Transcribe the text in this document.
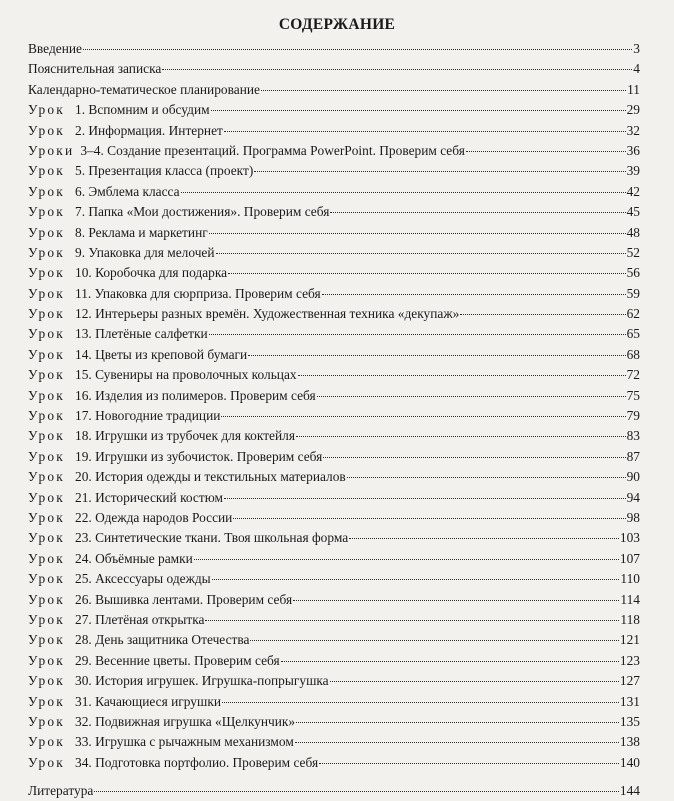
СОДЕРЖАНИЕ
Введение	3
Пояснительная записка	4
Календарно-тематическое планирование	11
Урок 1. Вспомним и обсудим	29
Урок 2. Информация. Интернет	32
Уроки 3–4. Создание презентаций. Программа PowerPoint. Проверим себя	36
Урок 5. Презентация класса (проект)	39
Урок 6. Эмблема класса	42
Урок 7. Папка «Мои достижения». Проверим себя	45
Урок 8. Реклама и маркетинг	48
Урок 9. Упаковка для мелочей	52
Урок 10. Коробочка для подарка	56
Урок 11. Упаковка для сюрприза. Проверим себя	59
Урок 12. Интерьеры разных времён. Художественная техника «декупаж»	62
Урок 13. Плетёные салфетки	65
Урок 14. Цветы из креповой бумаги	68
Урок 15. Сувениры на проволочных кольцах	72
Урок 16. Изделия из полимеров. Проверим себя	75
Урок 17. Новогодние традиции	79
Урок 18. Игрушки из трубочек для коктейля	83
Урок 19. Игрушки из зубочисток. Проверим себя	87
Урок 20. История одежды и текстильных материалов	90
Урок 21. Исторический костюм	94
Урок 22. Одежда народов России	98
Урок 23. Синтетические ткани. Твоя школьная форма	103
Урок 24. Объёмные рамки	107
Урок 25. Аксессуары одежды	110
Урок 26. Вышивка лентами. Проверим себя	114
Урок 27. Плетёная открытка	118
Урок 28. День защитника Отечества	121
Урок 29. Весенние цветы. Проверим себя	123
Урок 30. История игрушек. Игрушка-попрыгушка	127
Урок 31. Качающиеся игрушки	131
Урок 32. Подвижная игрушка «Щелкунчик»	135
Урок 33. Игрушка с рычажным механизмом	138
Урок 34. Подготовка портфолио. Проверим себя	140
Литература	144
